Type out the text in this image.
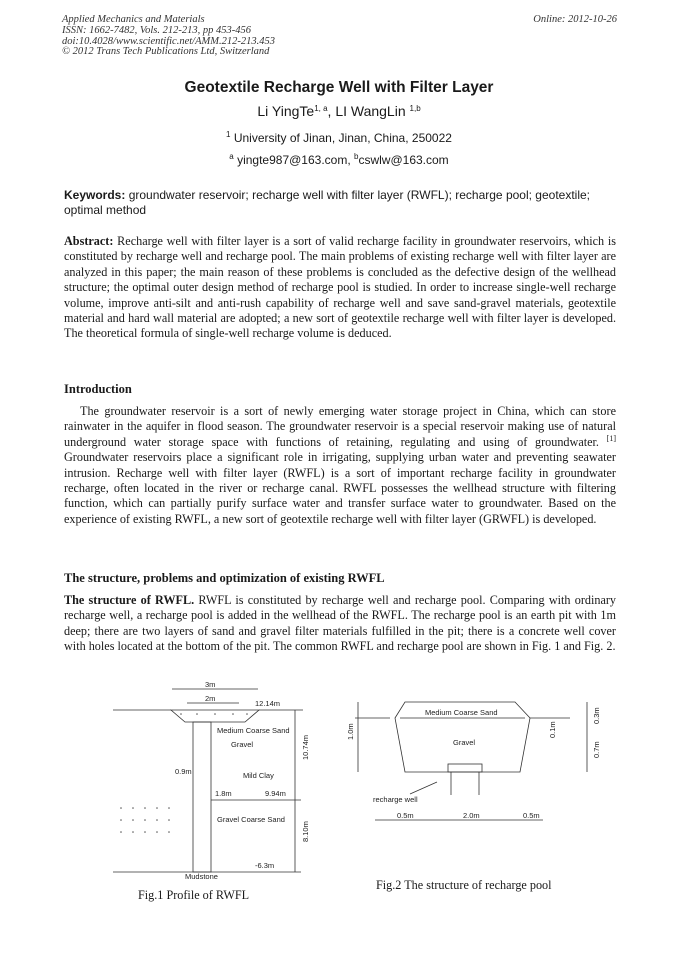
Applied Mechanics and Materials
ISSN: 1662-7482, Vols. 212-213, pp 453-456
doi:10.4028/www.scientific.net/AMM.212-213.453
© 2012 Trans Tech Publications Ltd, Switzerland
Online: 2012-10-26
Geotextile Recharge Well with Filter Layer
Li YingTe$^{1, a}$, LI WangLin $^{1,b}$
$^1$ University of Jinan, Jinan, China, 250022
$^a$ yingte987@163.com, $^b$cswlw@163.com
Keywords: groundwater reservoir; recharge well with filter layer (RWFL); recharge pool; geotextile; optimal method
Abstract: Recharge well with filter layer is a sort of valid recharge facility in groundwater reservoirs, which is constituted by recharge well and recharge pool. The main problems of existing recharge well with filter layer are analyzed in this paper; the main reason of these problems is concluded as the defective design of the wellhead structure; the optimal outer design method of recharge pool is studied. In order to increase single-well recharge volume, improve anti-silt and anti-rush capability of recharge well and save sand-gravel materials, geotextile material and hard wall material are adopted; a new sort of geotextile recharge well with filter layer is developed. The theoretical formula of single-well recharge volume is deduced.
Introduction
The groundwater reservoir is a sort of newly emerging water storage project in China, which can store rainwater in the aquifer in flood season. The groundwater reservoir is a special reservoir making use of natural underground water storage space with functions of retaining, regulating and using of groundwater. [1] Groundwater reservoirs place a significant role in irrigating, supplying urban water and preventing seawater intrusion. Recharge well with filter layer (RWFL) is a sort of important recharge facility in groundwater recharge, often located in the river or recharge canal. RWFL possesses the wellhead structure with filtering function, which can partially purify surface water and transfer surface water to groundwater. Based on the experience of existing RWFL, a new sort of geotextile recharge well with filter layer (GRWFL) is developed.
The structure, problems and optimization of existing RWFL
The structure of RWFL. RWFL is constituted by recharge well and recharge pool. Comparing with ordinary recharge well, a recharge pool is added in the wellhead of the RWFL. The recharge pool is an earth pit with 1m deep; there are two layers of sand and gravel filter materials fulfilled in the pit; there is a concrete well cover with holes located at the bottom of the pit. The common RWFL and recharge pool are shown in Fig. 1 and Fig. 2.
3m
2m
12.14m
Medium Coarse Sand
Gravel
0.9m	Mild Clay
1.8m	9.94m
Gravel Coarse Sand
10.74m
8.10m
-6.3m
Mudstone
Fig.1 Profile of RWFL
Medium Coarse Sand
Gravel
1.0m
0.3m
0.1m
0.7m
recharge well
0.5m	2.0m	0.5m
Fig.2 The structure of recharge pool
